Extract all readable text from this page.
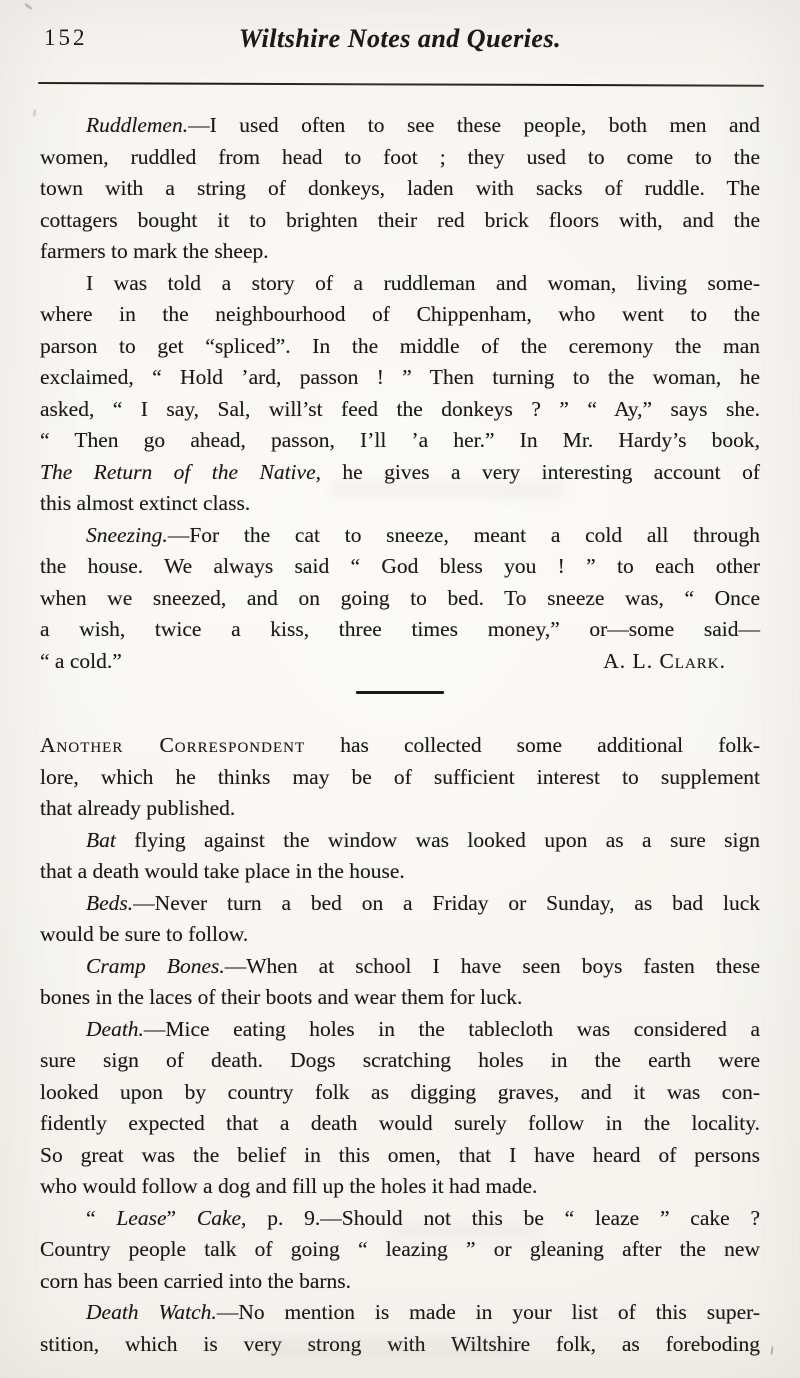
152	Wiltshire Notes and Queries.
Ruddlemen.—I used often to see these people, both men and
women, ruddled from head to foot ; they used to come to the
town with a string of donkeys, laden with sacks of ruddle. The
cottagers bought it to brighten their red brick floors with, and the
farmers to mark the sheep.
I was told a story of a ruddleman and woman, living some-
where in the neighbourhood of Chippenham, who went to the
parson to get “spliced”. In the middle of the ceremony the man
exclaimed, “ Hold ’ard, passon ! ” Then turning to the woman, he
asked, “ I say, Sal, will’st feed the donkeys ? ” “ Ay,” says she.
“ Then go ahead, passon, I’ll ’a her.” In Mr. Hardy’s book,
The Return of the Native, he gives a very interesting account of
this almost extinct class.
Sneezing.—For the cat to sneeze, meant a cold all through
the house. We always said “ God bless you ! ” to each other
when we sneezed, and on going to bed. To sneeze was, “ Once
a wish, twice a kiss, three times money,” or—some said—
“ a cold.”	A. L. Clark.
Another Correspondent has collected some additional folk-
lore, which he thinks may be of sufficient interest to supplement
that already published.
Bat flying against the window was looked upon as a sure sign
that a death would take place in the house.
Beds.—Never turn a bed on a Friday or Sunday, as bad luck
would be sure to follow.
Cramp Bones.—When at school I have seen boys fasten these
bones in the laces of their boots and wear them for luck.
Death.—Mice eating holes in the tablecloth was considered a
sure sign of death. Dogs scratching holes in the earth were
looked upon by country folk as digging graves, and it was con-
fidently expected that a death would surely follow in the locality.
So great was the belief in this omen, that I have heard of persons
who would follow a dog and fill up the holes it had made.
“ Lease” Cake, p. 9.—Should not this be “ leaze ” cake ?
Country people talk of going “ leazing ” or gleaning after the new
corn has been carried into the barns.
Death Watch.—No mention is made in your list of this super-
stition, which is very strong with Wiltshire folk, as foreboding
